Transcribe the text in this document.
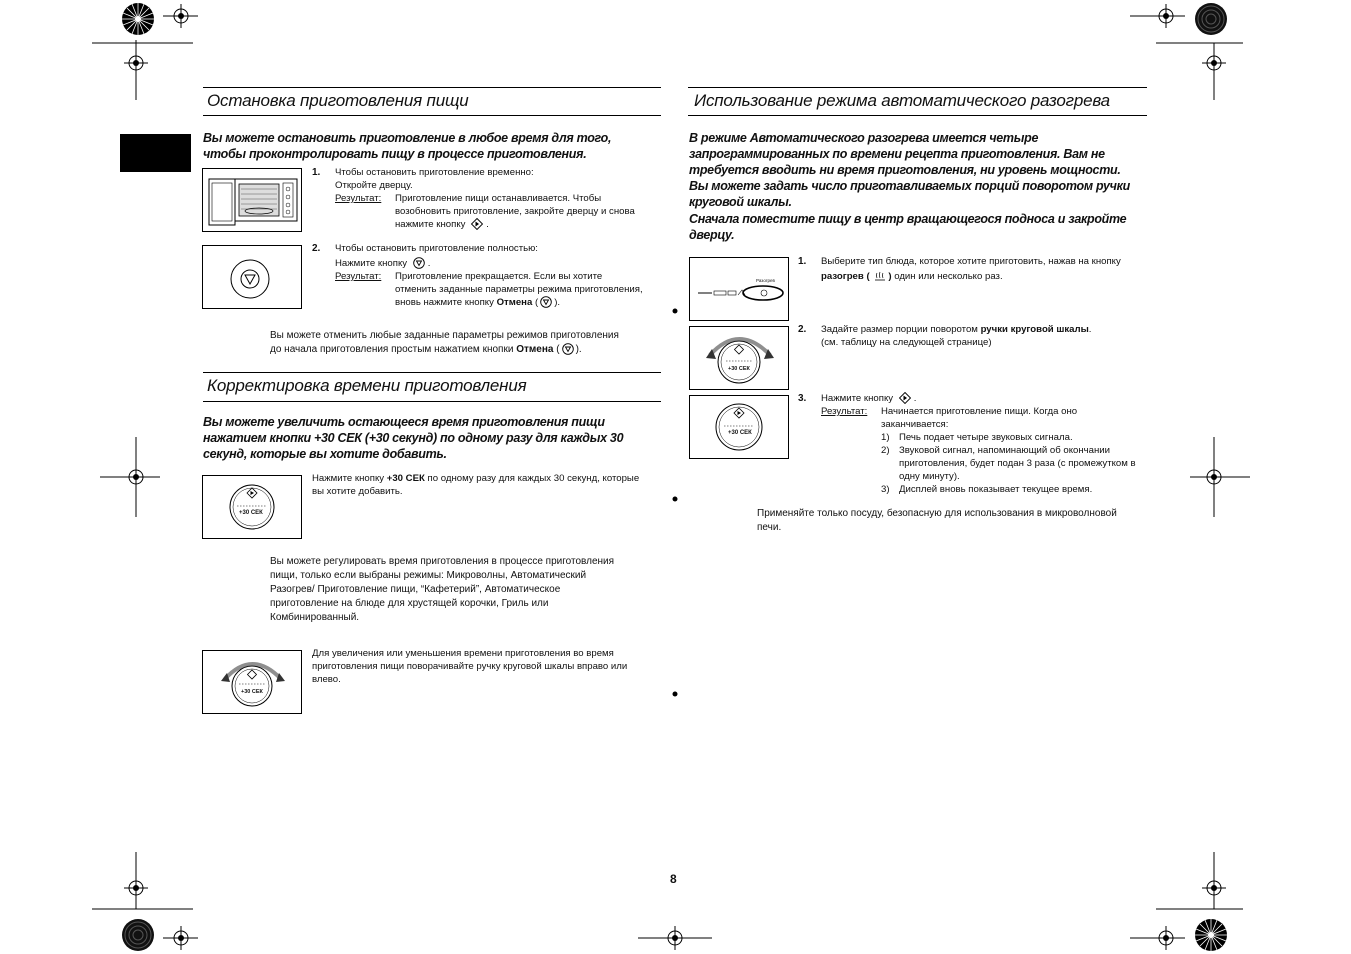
Остановка приготовления пищи
Вы можете остановить приготовление в любое время для того, чтобы проконтролировать пищу в процессе приготовления.
1.	Чтобы остановить приготовление временно:
Откройте дверцу.
Результат:	Приготовление пищи останавливается. Чтобы
возобновить приготовление, закройте дверцу и снова
нажмите кнопку .
2.	Чтобы остановить приготовление полностью:
Нажмите кнопку .
Результат:	Приготовление прекращается. Если вы хотите
отменить заданные параметры режима приготовления,
вновь нажмите кнопку Отмена ( ).
Вы можете отменить любые заданные параметры режимов приготовления
до начала приготовления простым нажатием кнопки Отмена ( ).
Корректировка времени приготовления
Вы можете увеличить остающееся время приготовления пищи нажатием кнопки +30 СЕК (+30 секунд) по одному разу для каждых 30 секунд, которые вы хотите добавить.
+30 СЕК
Нажмите кнопку +30 СЕК по одному разу для каждых 30 секунд, которые
вы хотите добавить.
Вы можете регулировать время приготовления в процессе приготовления
пищи, только если выбраны режимы: Микроволны, Автоматический
Разогрев/ Приготовление пищи, “Кафетерий”, Автоматическое
приготовление на блюде для хрустящей корочки, Гриль или
Комбинированный.
+30 СЕК
Для увеличения или уменьшения времени приготовления во время
приготовления пищи поворачивайте ручку круговой шкалы вправо или
влево.
Использование режима автоматического разогрева
В режиме Автоматического разогрева имеется четыре запрограммированных по времени рецепта приготовления. Вам не требуется вводить ни время приготовления, ни уровень мощности. Вы можете задать число приготавливаемых порций поворотом ручки круговой шкалы.
Сначала поместите пищу в центр вращающегося подноса и закройте дверцу.
Разогрев
1.	Выберите тип блюда, которое хотите приготовить, нажав на кнопку
разогрев ( ) один или несколько раз.
+30 СЕК
2.	Задайте размер порции поворотом ручки круговой шкалы.
(см. таблицу на следующей странице)
+30 СЕК
3.	Нажмите кнопку .
Результат:	Начинается приготовление пищи. Когда оно
заканчивается:
1) Печь подает четыре звуковых сигнала.
2) Звуковой сигнал, напоминающий об окончании
приготовления, будет подан 3 раза (с промежутком в
одну минуту).
3) Дисплей вновь показывает текущее время.
Применяйте только посуду, безопасную для использования в микроволновой
печи.
8
